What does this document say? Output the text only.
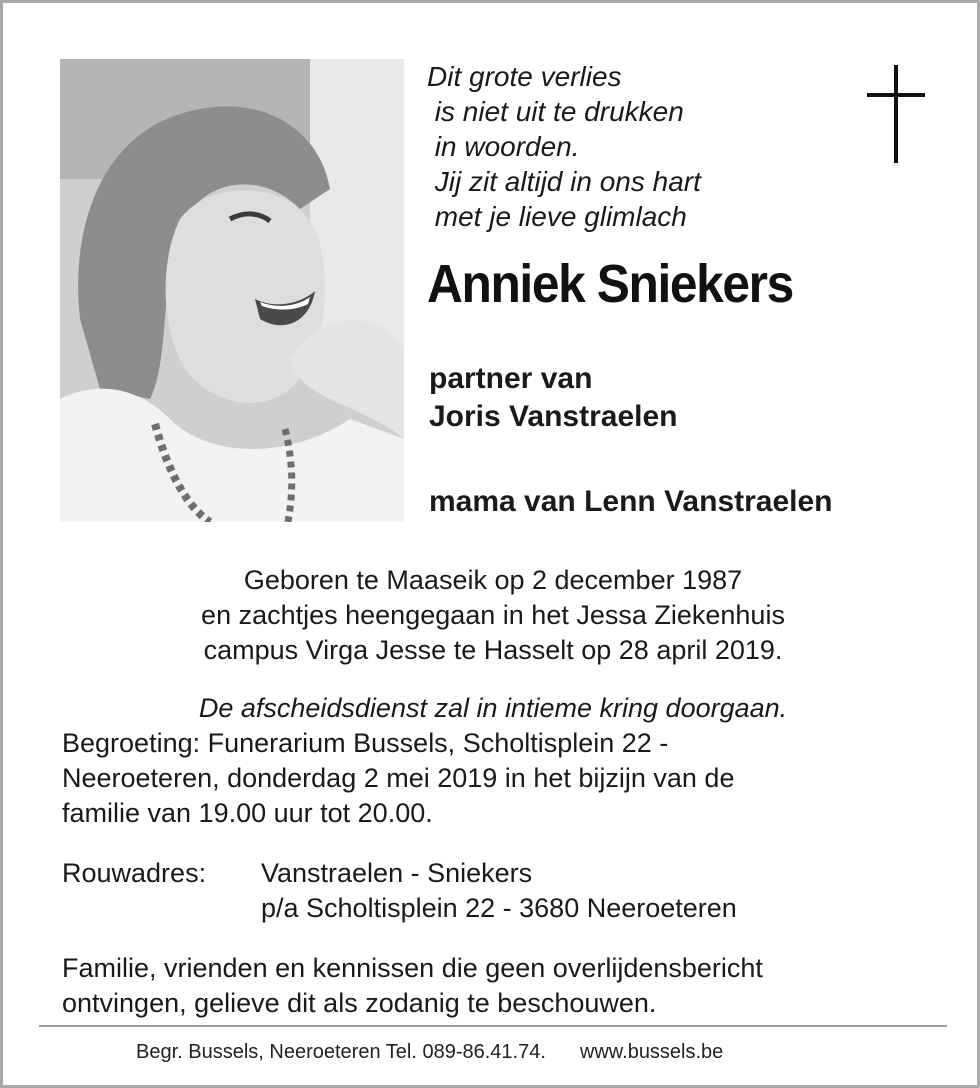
Dit grote verlies
is niet uit te drukken
in woorden.
Jij zit altijd in ons hart
met je lieve glimlach
Anniek Sniekers
partner van
Joris Vanstraelen
mama van Lenn Vanstraelen
Geboren te Maaseik op 2 december 1987
en zachtjes heengegaan in het Jessa Ziekenhuis
campus Virga Jesse te Hasselt op 28 april 2019.
De afscheidsdienst zal in intieme kring doorgaan.
Begroeting: Funerarium Bussels, Scholtisplein 22 -
Neeroeteren, donderdag 2 mei 2019 in het bijzijn van de
familie van 19.00 uur tot 20.00.
Rouwadres: Vanstraelen - Sniekers
p/a Scholtisplein 22 - 3680 Neeroeteren
Familie, vrienden en kennissen die geen overlijdensbericht
ontvingen, gelieve dit als zodanig te beschouwen.
Begr. Bussels, Neeroeteren Tel. 089-86.41.74. www.bussels.be
